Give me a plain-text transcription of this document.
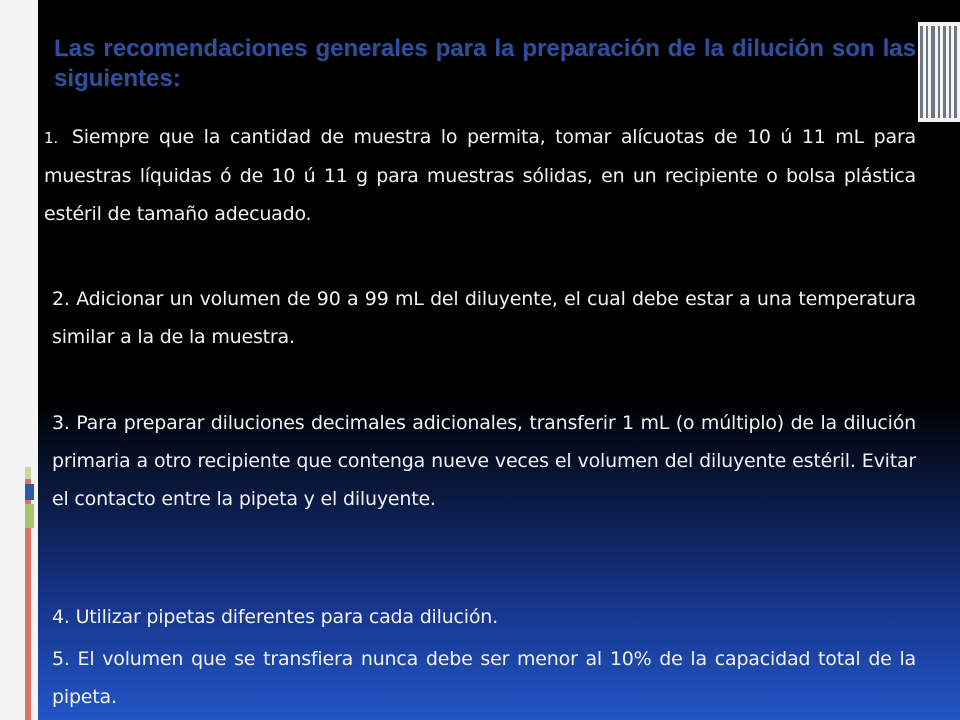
Las recomendaciones generales para la preparación de la dilución son las siguientes:

1. Siempre que la cantidad de muestra lo permita, tomar alícuotas de 10 ú 11 mL para muestras líquidas ó de 10 ú 11 g para muestras sólidas, en un recipiente o bolsa plástica estéril de tamaño adecuado.

2. Adicionar un volumen de 90 a 99 mL del diluyente, el cual debe estar a una temperatura similar a la de la muestra.

3. Para preparar diluciones decimales adicionales, transferir 1 mL (o múltiplo) de la dilución primaria a otro recipiente que contenga nueve veces el volumen del diluyente estéril. Evitar el contacto entre la pipeta y el diluyente.

4. Utilizar pipetas diferentes para cada dilución.

5. El volumen que se transfiera nunca debe ser menor al 10% de la capacidad total de la pipeta.
